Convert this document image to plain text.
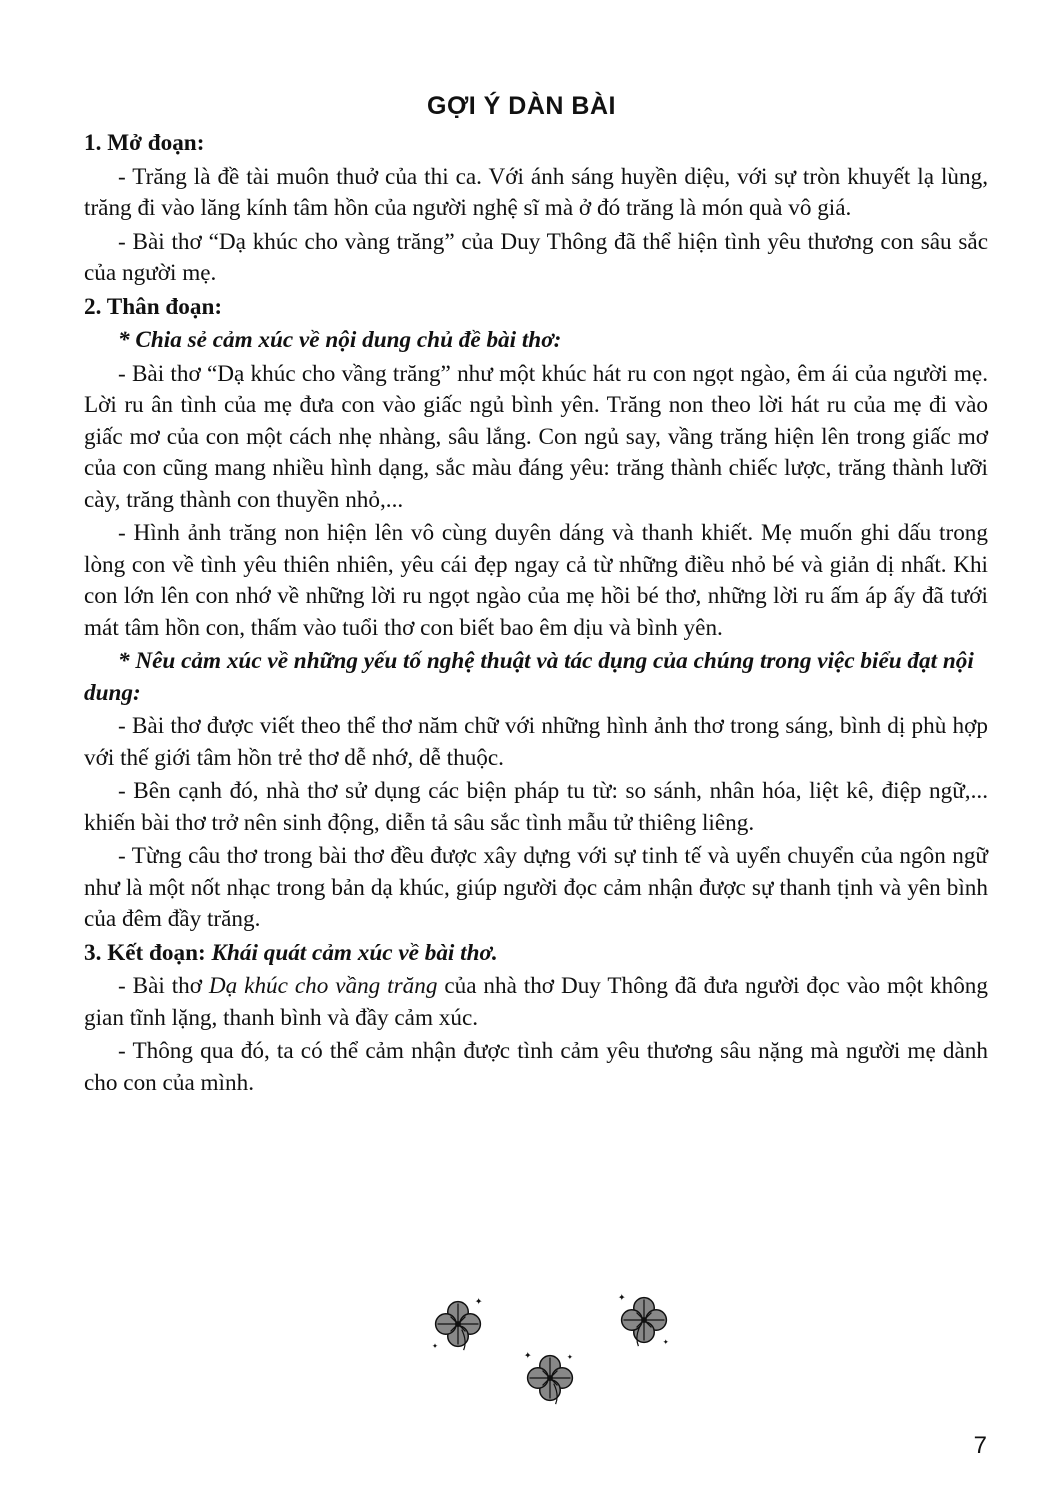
GỢI Ý DÀN BÀI
1. Mở đoạn:

- Trăng là đề tài muôn thuở của thi ca. Với ánh sáng huyền diệu, với sự tròn khuyết lạ lùng, trăng đi vào lăng kính tâm hồn của người nghệ sĩ mà ở đó trăng là món quà vô giá.

- Bài thơ “Dạ khúc cho vàng trăng” của Duy Thông đã thể hiện tình yêu thương con sâu sắc của người mẹ.

2. Thân đoạn:
* Chia sẻ cảm xúc về nội dung chủ đề bài thơ:

- Bài thơ “Dạ khúc cho vầng trăng” như một khúc hát ru con ngọt ngào, êm ái của người mẹ. Lời ru ân tình của mẹ đưa con vào giấc ngủ bình yên. Trăng non theo lời hát ru của mẹ đi vào giấc mơ của con một cách nhẹ nhàng, sâu lắng. Con ngủ say, vầng trăng hiện lên trong giấc mơ của con cũng mang nhiều hình dạng, sắc màu đáng yêu: trăng thành chiếc lược, trăng thành lưỡi cày, trăng thành con thuyền nhỏ,...

- Hình ảnh trăng non hiện lên vô cùng duyên dáng và thanh khiết. Mẹ muốn ghi dấu trong lòng con về tình yêu thiên nhiên, yêu cái đẹp ngay cả từ những điều nhỏ bé và giản dị nhất. Khi con lớn lên con nhớ về những lời ru ngọt ngào của mẹ hồi bé thơ, những lời ru ấm áp ấy đã tưới mát tâm hồn con, thấm vào tuổi thơ con biết bao êm dịu và bình yên.

* Nêu cảm xúc về những yếu tố nghệ thuật và tác dụng của chúng trong việc biểu đạt nội dung:

- Bài thơ được viết theo thể thơ năm chữ với những hình ảnh thơ trong sáng, bình dị phù hợp với thế giới tâm hồn trẻ thơ dễ nhớ, dễ thuộc.

- Bên cạnh đó, nhà thơ sử dụng các biện pháp tu từ: so sánh, nhân hóa, liệt kê, điệp ngữ,... khiến bài thơ trở nên sinh động, diễn tả sâu sắc tình mẫu tử thiêng liêng.

- Từng câu thơ trong bài thơ đều được xây dựng với sự tinh tế và uyển chuyển của ngôn ngữ như là một nốt nhạc trong bản dạ khúc, giúp người đọc cảm nhận được sự thanh tịnh và yên bình của đêm đầy trăng.

3. Kết đoạn: Khái quát cảm xúc về bài thơ.

- Bài thơ Dạ khúc cho vầng trăng của nhà thơ Duy Thông đã đưa người đọc vào một không gian tĩnh lặng, thanh bình và đầy cảm xúc.

- Thông qua đó, ta có thể cảm nhận được tình cảm yêu thương sâu nặng mà người mẹ dành cho con của mình.

✦
✦
✦
✦
✦	✦
7
